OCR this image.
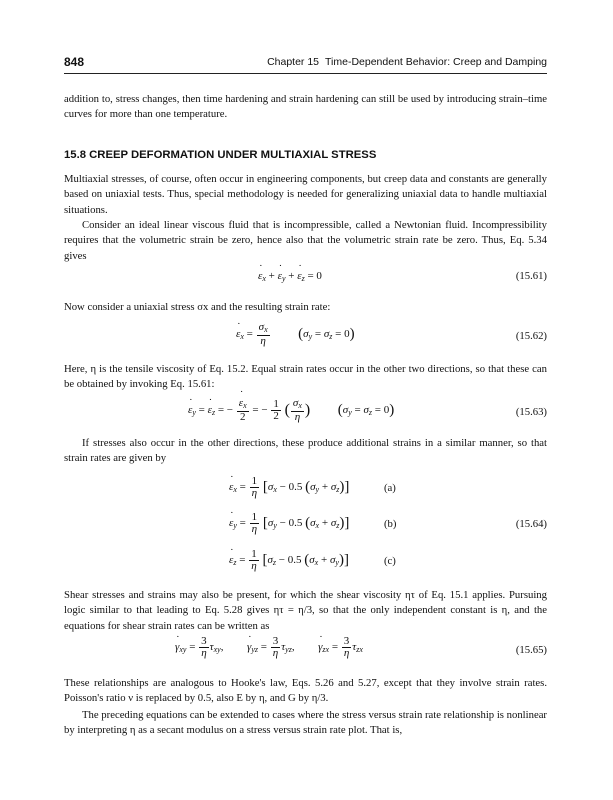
848	Chapter 15 Time-Dependent Behavior: Creep and Damping
addition to, stress changes, then time hardening and strain hardening can still be used by introducing strain–time curves for more than one temperature.
15.8 CREEP DEFORMATION UNDER MULTIAXIAL STRESS
Multiaxial stresses, of course, often occur in engineering components, but creep data and constants are generally based on uniaxial tests. Thus, special methodology is needed for generalizing uniaxial data to handle multiaxial situations.
Consider an ideal linear viscous fluid that is incompressible, called a Newtonian fluid. Incompressibility requires that the volumetric strain be zero, hence also that the volumetric strain rate be zero. Thus, Eq. 5.34 gives
ε $˙_x + \varepsilon$ $˙_y + \varepsilon$ $˙_z = 0$	(15.61)
Now consider a uniaxial stress σx and the resulting strain rate:
ε $˙_x = \frac{\sigma_x}{\eta} (\sigma_y = \sigma_z = 0)$	(15.62)
Here, η is the tensile viscosity of Eq. 15.2. Equal strain rates occur in the other two directions, so that these can be obtained by invoking Eq. 15.61:
ε $˙_y = \varepsilon$ $˙_z$ = − $\frac{\varepsilon ˙_x}{2}$ = − $\frac{1}{2}$ ( $\frac{\sigma_x}{\eta}$ ) $(\sigma_y = \sigma_z = 0)$	(15.63)
If stresses also occur in the other directions, these produce additional strains in a similar manner, so that strain rates are given by
ε $˙_x = \frac{1}{\eta} [\sigma_x - 0.5$ $(\sigma_y + \sigma_z)$]	(a)
ε $˙_y = \frac{1}{\eta} [\sigma_y - 0.5$ $(\sigma_x + \sigma_z)$]	(b)	(15.64)
ε $˙_z = \frac{1}{\eta} [\sigma_z - 0.5$ $(\sigma_x + \sigma_y)$]	(c)
Shear stresses and strains may also be present, for which the shear viscosity ητ of Eq. 15.1 applies. Pursuing logic similar to that leading to Eq. 5.28 gives ητ = η/3, so that the only independent constant is η, and the equations for shear strain rates can be written as
γ $˙_{xy} = \frac{3}{\eta} \tau_{xy}$, γ $˙_{yz} = \frac{3}{\eta} \tau_{yz}$, γ $˙_{zx} = \frac{3}{\eta} \tau_{zx}$	(15.65)
These relationships are analogous to Hooke's law, Eqs. 5.26 and 5.27, except that they involve strain rates. Poisson's ratio ν is replaced by 0.5, also E by η, and G by η/3.
The preceding equations can be extended to cases where the stress versus strain rate relationship is nonlinear by interpreting η as a secant modulus on a stress versus strain rate plot. That is,
